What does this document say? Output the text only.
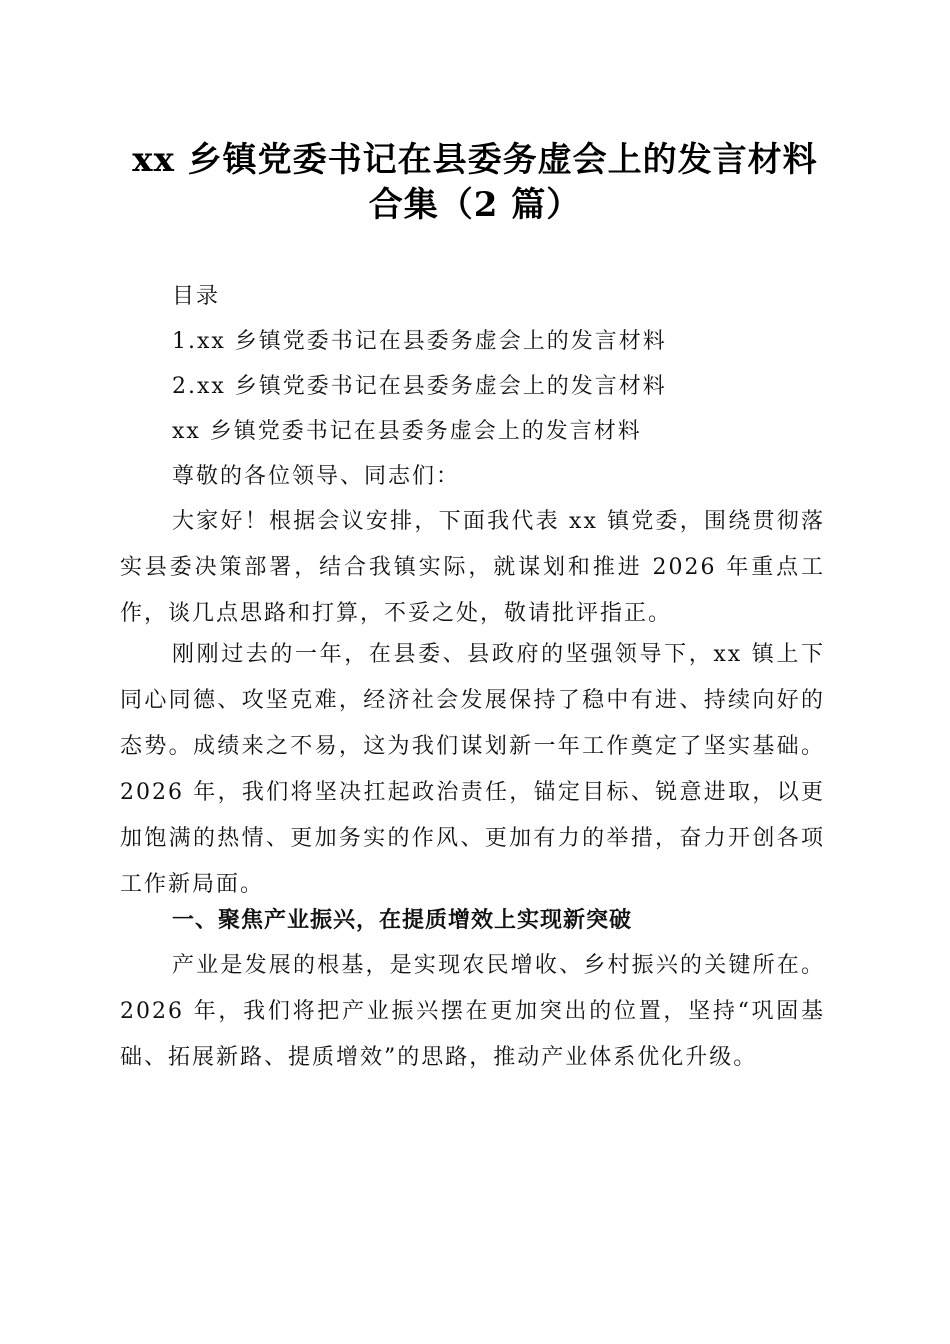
xx 乡镇党委书记在县委务虚会上的发言材料
合集（2 篇）
目录
1.xx 乡镇党委书记在县委务虚会上的发言材料
2.xx 乡镇党委书记在县委务虚会上的发言材料
xx 乡镇党委书记在县委务虚会上的发言材料
尊敬的各位领导、同志们：
大家好！根据会议安排，下面我代表 xx 镇党委，围绕贯彻落实县委决策部署，结合我镇实际，就谋划和推进 2026 年重点工作，谈几点思路和打算，不妥之处，敬请批评指正。
刚刚过去的一年，在县委、县政府的坚强领导下，xx 镇上下同心同德、攻坚克难，经济社会发展保持了稳中有进、持续向好的态势。成绩来之不易，这为我们谋划新一年工作奠定了坚实基础。2026 年，我们将坚决扛起政治责任，锚定目标、锐意进取，以更加饱满的热情、更加务实的作风、更加有力的举措，奋力开创各项工作新局面。
一、聚焦产业振兴，在提质增效上实现新突破
产业是发展的根基，是实现农民增收、乡村振兴的关键所在。2026 年，我们将把产业振兴摆在更加突出的位置，坚持“巩固基础、拓展新路、提质增效”的思路，推动产业体系优化升级。
